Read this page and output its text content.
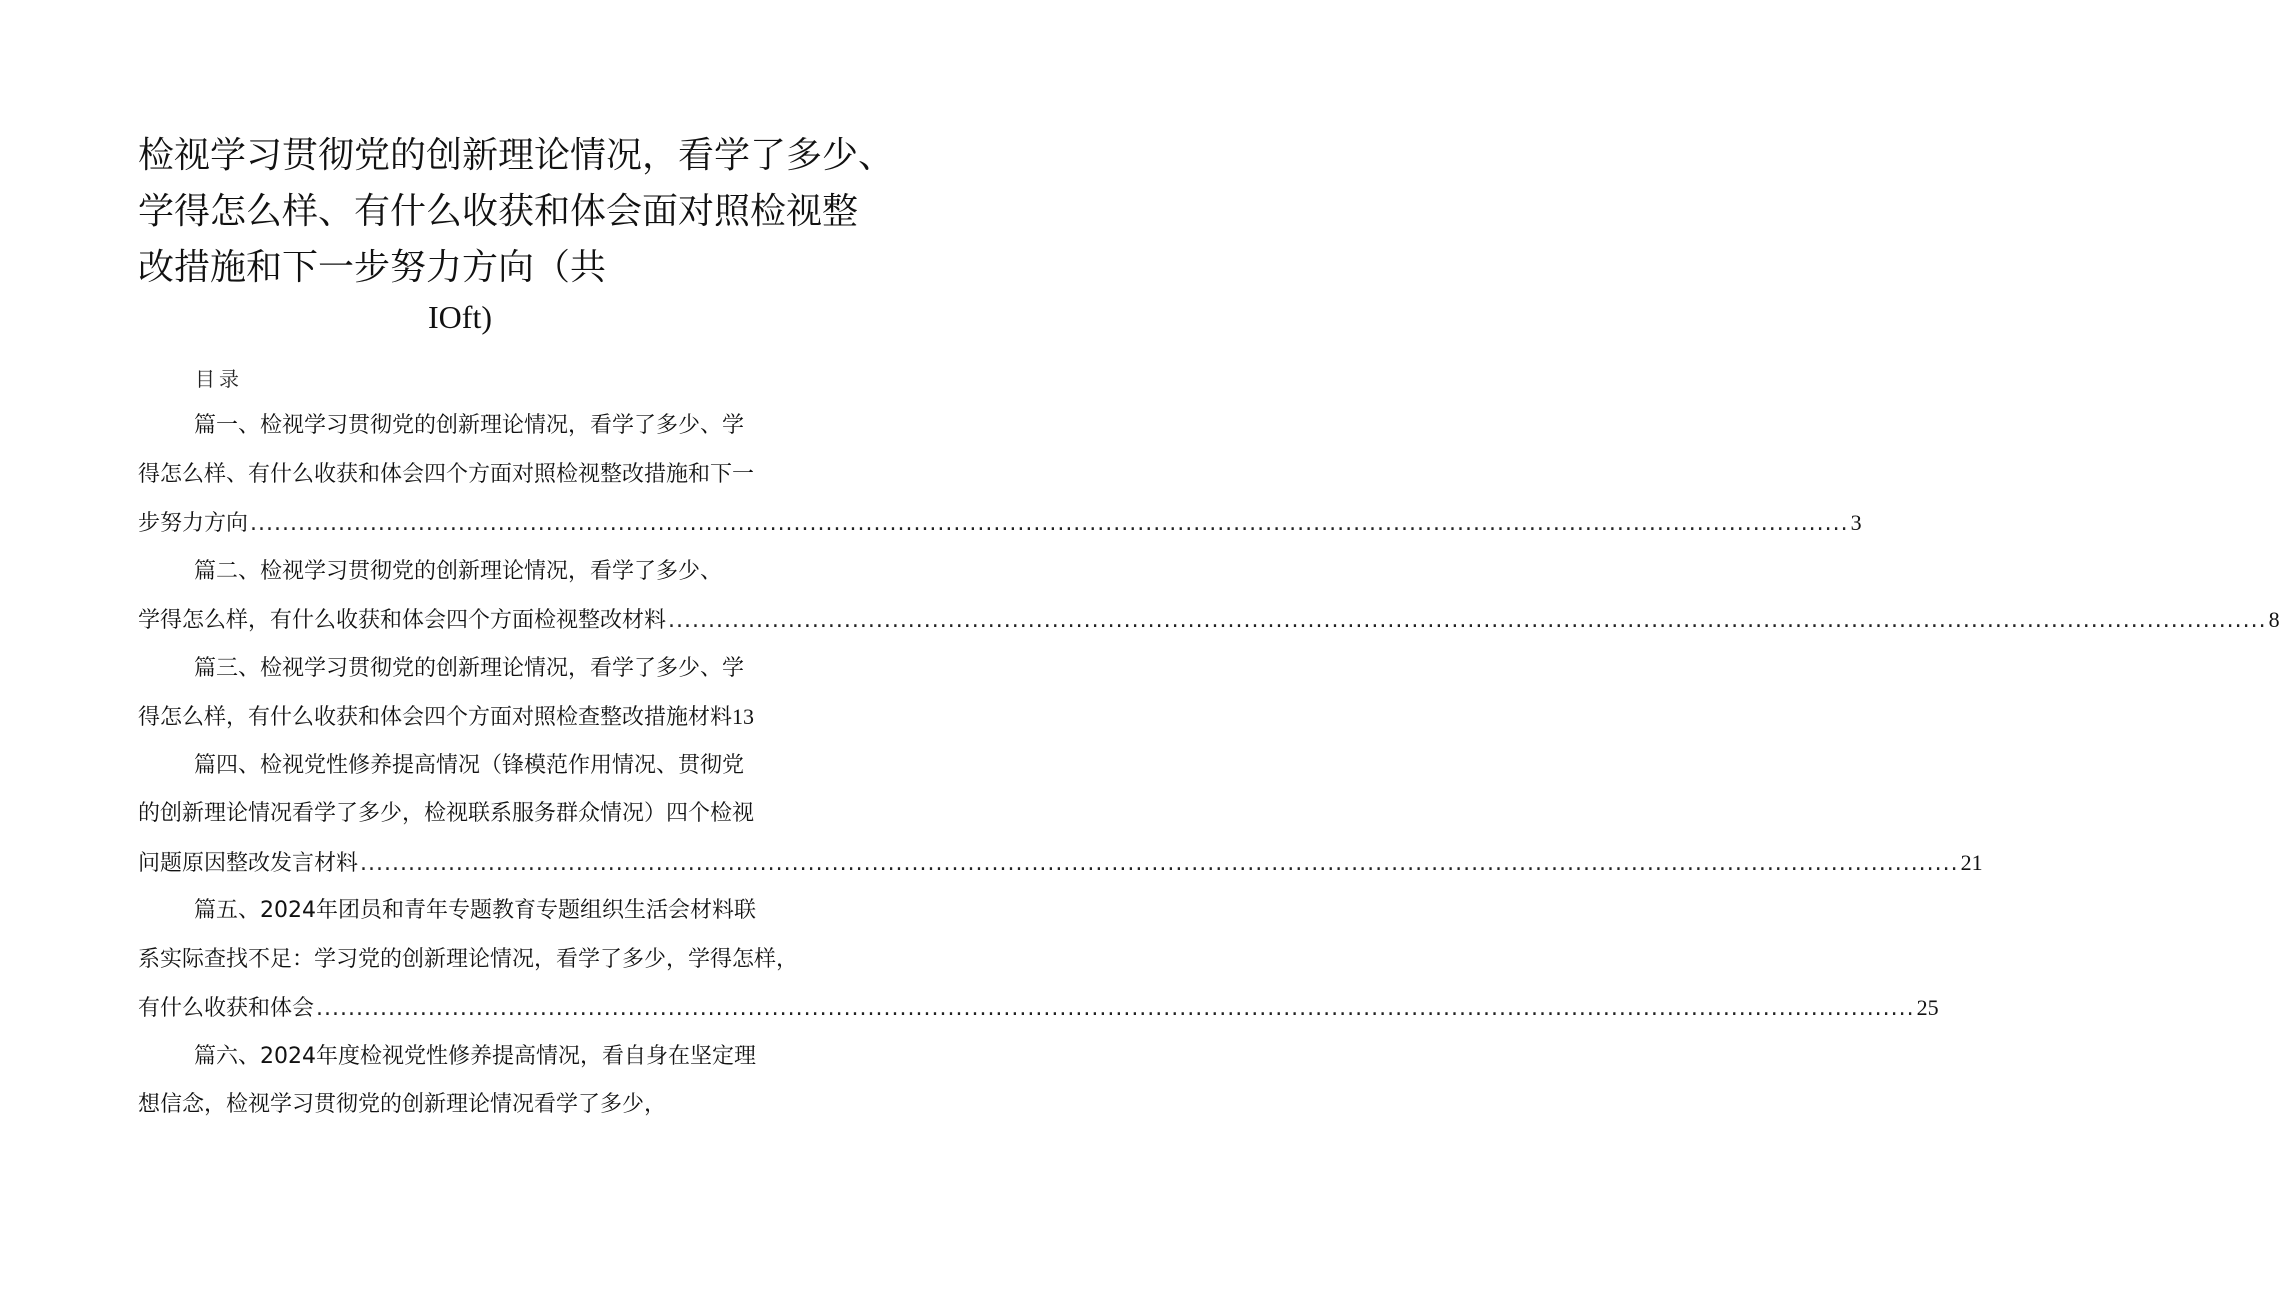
检视学习贯彻党的创新理论情况，看学了多少、
学得怎么样、有什么收获和体会面对照检视整
改措施和下一步努力方向（共
IOft)
目录
篇一、检视学习贯彻党的创新理论情况，看学了多少、学
得怎么样、有什么收获和体会四个方面对照检视整改措施和下一
步努力方向 ........................................................................................................................................................................................................ 3
篇二、检视学习贯彻党的创新理论情况，看学了多少、
学得怎么样，有什么收获和体会四个方面检视整改材料 ........................................................................................................................................................................................................ 8
篇三、检视学习贯彻党的创新理论情况，看学了多少、学
得怎么样，有什么收获和体会四个方面对照检查整改措施材料 13
篇四、检视党性修养提高情况（锋模范作用情况、贯彻党
的创新理论情况看学了多少，检视联系服务群众情况）四个检视
问题原因整改发言材料 ........................................................................................................................................................................................................ 21
篇五、2024年团员和青年专题教育专题组织生活会材料联
系实际查找不足：学习党的创新理论情况，看学了多少，学得怎样，
有什么收获和体会 ........................................................................................................................................................................................................ 25
篇六、2024年度检视党性修养提高情况，看自身在坚定理
想信念，检视学习贯彻党的创新理论情况看学了多少，
